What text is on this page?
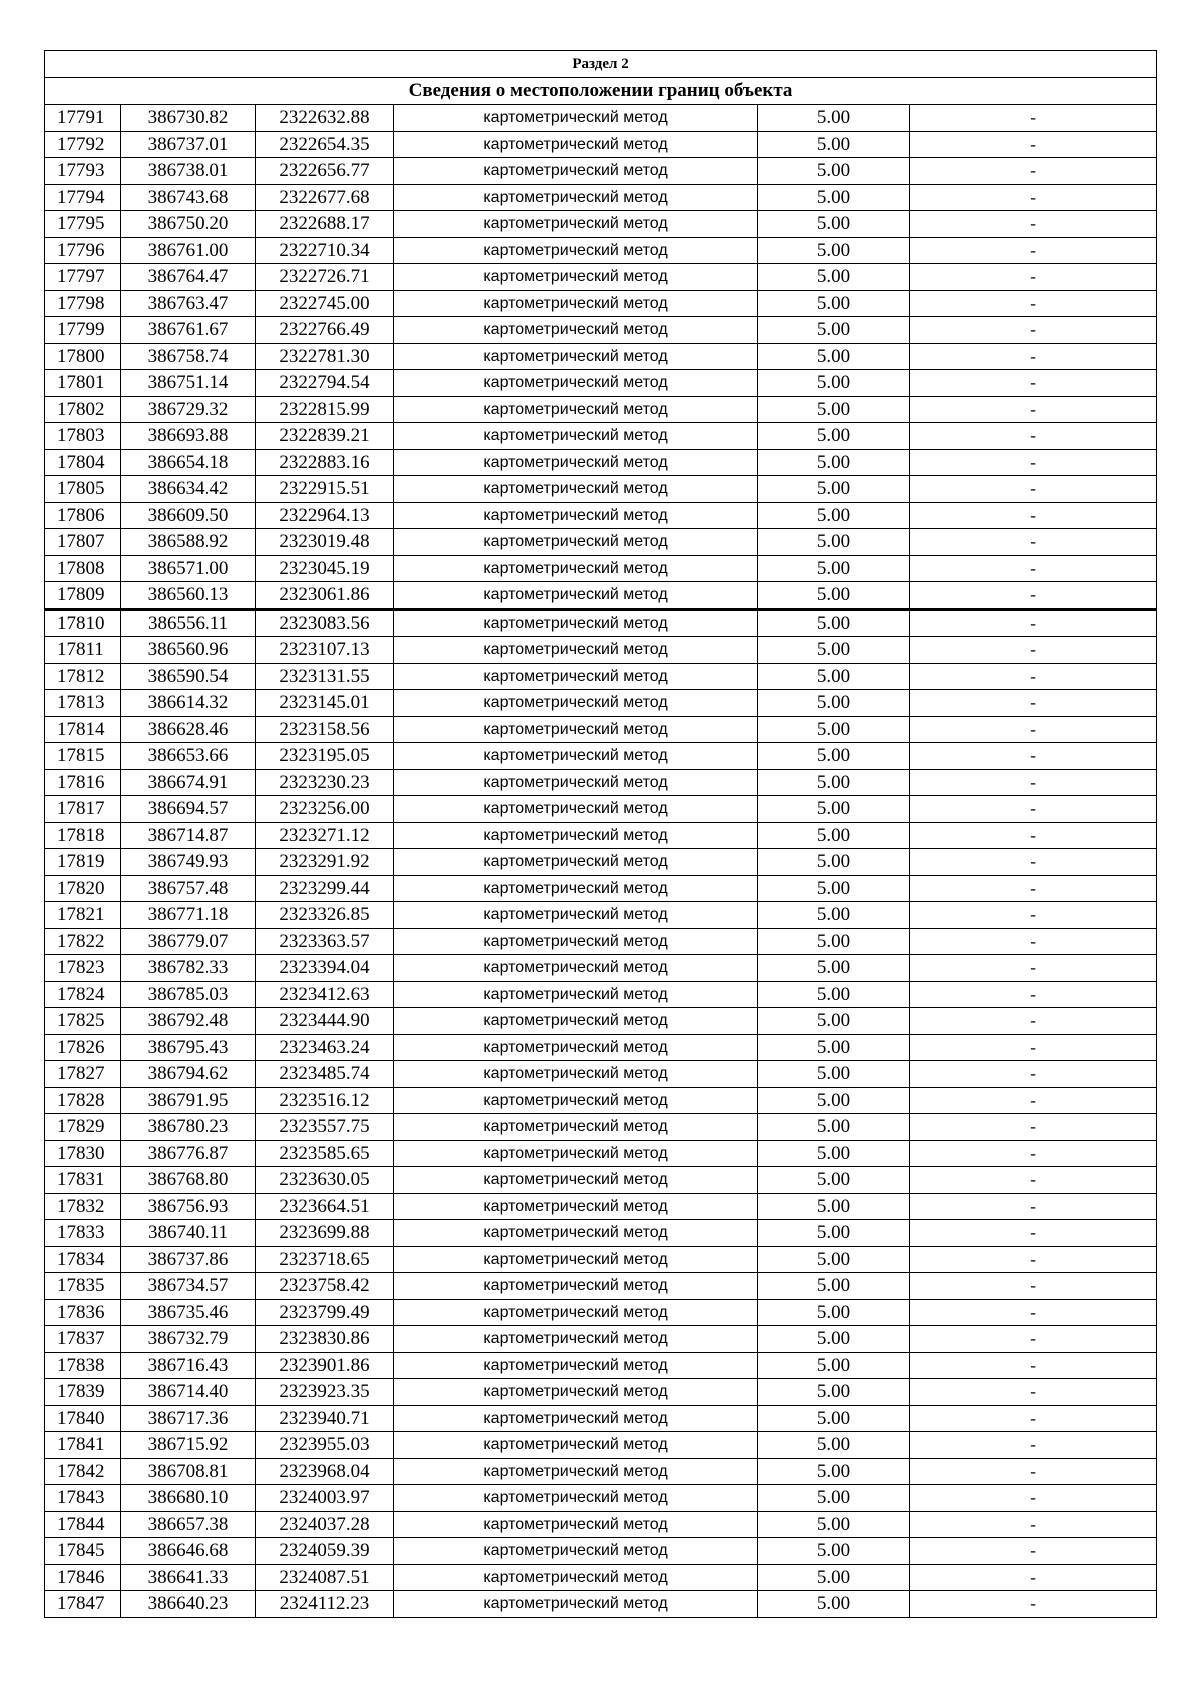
Раздел 2					
Сведения о местоположении границ объекта					
17791	386730.82	2322632.88	картометрический метод	5.00	-
17792	386737.01	2322654.35	картометрический метод	5.00	-
17793	386738.01	2322656.77	картометрический метод	5.00	-
17794	386743.68	2322677.68	картометрический метод	5.00	-
17795	386750.20	2322688.17	картометрический метод	5.00	-
17796	386761.00	2322710.34	картометрический метод	5.00	-
17797	386764.47	2322726.71	картометрический метод	5.00	-
17798	386763.47	2322745.00	картометрический метод	5.00	-
17799	386761.67	2322766.49	картометрический метод	5.00	-
17800	386758.74	2322781.30	картометрический метод	5.00	-
17801	386751.14	2322794.54	картометрический метод	5.00	-
17802	386729.32	2322815.99	картометрический метод	5.00	-
17803	386693.88	2322839.21	картометрический метод	5.00	-
17804	386654.18	2322883.16	картометрический метод	5.00	-
17805	386634.42	2322915.51	картометрический метод	5.00	-
17806	386609.50	2322964.13	картометрический метод	5.00	-
17807	386588.92	2323019.48	картометрический метод	5.00	-
17808	386571.00	2323045.19	картометрический метод	5.00	-
17809	386560.13	2323061.86	картометрический метод	5.00	-
17810	386556.11	2323083.56	картометрический метод	5.00	-
17811	386560.96	2323107.13	картометрический метод	5.00	-
17812	386590.54	2323131.55	картометрический метод	5.00	-
17813	386614.32	2323145.01	картометрический метод	5.00	-
17814	386628.46	2323158.56	картометрический метод	5.00	-
17815	386653.66	2323195.05	картометрический метод	5.00	-
17816	386674.91	2323230.23	картометрический метод	5.00	-
17817	386694.57	2323256.00	картометрический метод	5.00	-
17818	386714.87	2323271.12	картометрический метод	5.00	-
17819	386749.93	2323291.92	картометрический метод	5.00	-
17820	386757.48	2323299.44	картометрический метод	5.00	-
17821	386771.18	2323326.85	картометрический метод	5.00	-
17822	386779.07	2323363.57	картометрический метод	5.00	-
17823	386782.33	2323394.04	картометрический метод	5.00	-
17824	386785.03	2323412.63	картометрический метод	5.00	-
17825	386792.48	2323444.90	картометрический метод	5.00	-
17826	386795.43	2323463.24	картометрический метод	5.00	-
17827	386794.62	2323485.74	картометрический метод	5.00	-
17828	386791.95	2323516.12	картометрический метод	5.00	-
17829	386780.23	2323557.75	картометрический метод	5.00	-
17830	386776.87	2323585.65	картометрический метод	5.00	-
17831	386768.80	2323630.05	картометрический метод	5.00	-
17832	386756.93	2323664.51	картометрический метод	5.00	-
17833	386740.11	2323699.88	картометрический метод	5.00	-
17834	386737.86	2323718.65	картометрический метод	5.00	-
17835	386734.57	2323758.42	картометрический метод	5.00	-
17836	386735.46	2323799.49	картометрический метод	5.00	-
17837	386732.79	2323830.86	картометрический метод	5.00	-
17838	386716.43	2323901.86	картометрический метод	5.00	-
17839	386714.40	2323923.35	картометрический метод	5.00	-
17840	386717.36	2323940.71	картометрический метод	5.00	-
17841	386715.92	2323955.03	картометрический метод	5.00	-
17842	386708.81	2323968.04	картометрический метод	5.00	-
17843	386680.10	2324003.97	картометрический метод	5.00	-
17844	386657.38	2324037.28	картометрический метод	5.00	-
17845	386646.68	2324059.39	картометрический метод	5.00	-
17846	386641.33	2324087.51	картометрический метод	5.00	-
17847	386640.23	2324112.23	картометрический метод	5.00	-
